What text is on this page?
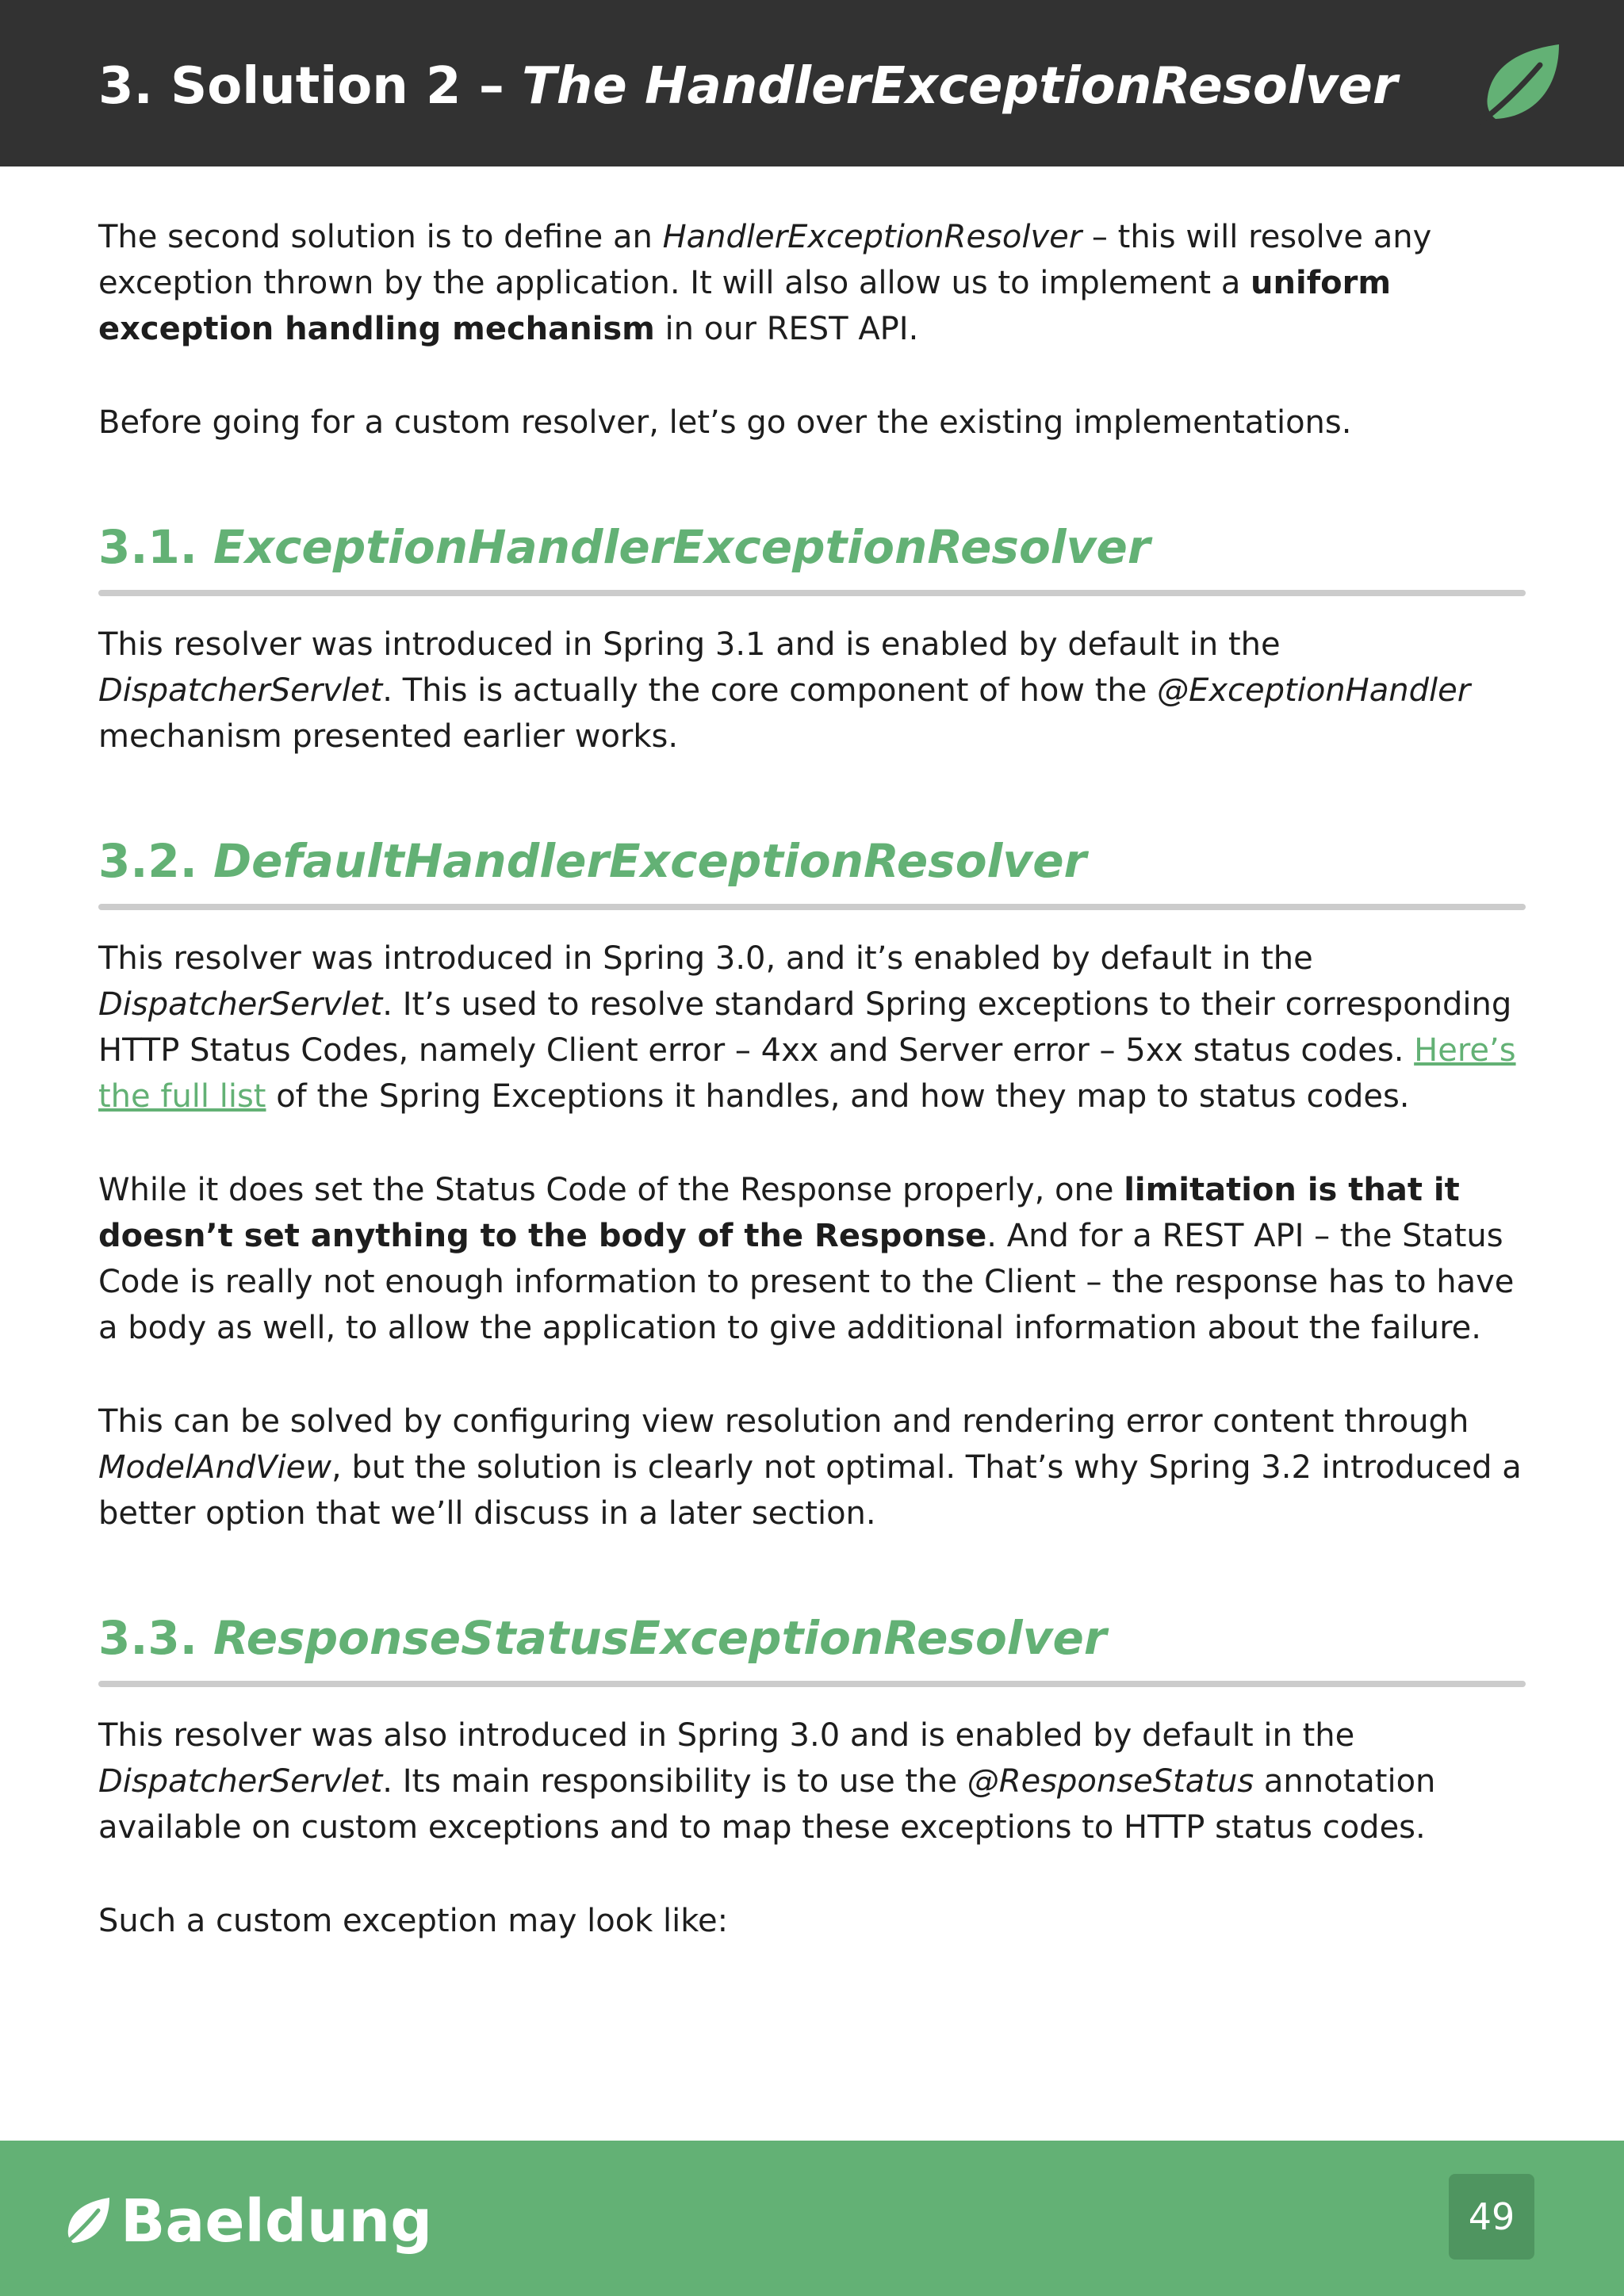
3. Solution 2 – The HandlerExceptionResolver

The second solution is to define an HandlerExceptionResolver – this will resolve any exception thrown by the application. It will also allow us to implement a uniform exception handling mechanism in our REST API.

Before going for a custom resolver, let’s go over the existing implementations.

3.1. ExceptionHandlerExceptionResolver

This resolver was introduced in Spring 3.1 and is enabled by default in the DispatcherServlet. This is actually the core component of how the @ExceptionHandler mechanism presented earlier works.

3.2. DefaultHandlerExceptionResolver

This resolver was introduced in Spring 3.0, and it’s enabled by default in the DispatcherServlet. It’s used to resolve standard Spring exceptions to their corresponding HTTP Status Codes, namely Client error – 4xx and Server error – 5xx status codes. Here’s the full list of the Spring Exceptions it handles, and how they map to status codes.

While it does set the Status Code of the Response properly, one limitation is that it doesn’t set anything to the body of the Response. And for a REST API – the Status Code is really not enough information to present to the Client – the response has to have a body as well, to allow the application to give additional information about the failure.

This can be solved by configuring view resolution and rendering error content through ModelAndView, but the solution is clearly not optimal. That’s why Spring 3.2 introduced a better option that we’ll discuss in a later section.

3.3. ResponseStatusExceptionResolver

This resolver was also introduced in Spring 3.0 and is enabled by default in the DispatcherServlet. Its main responsibility is to use the @ResponseStatus annotation available on custom exceptions and to map these exceptions to HTTP status codes.

Such a custom exception may look like:

Baeldung	49
